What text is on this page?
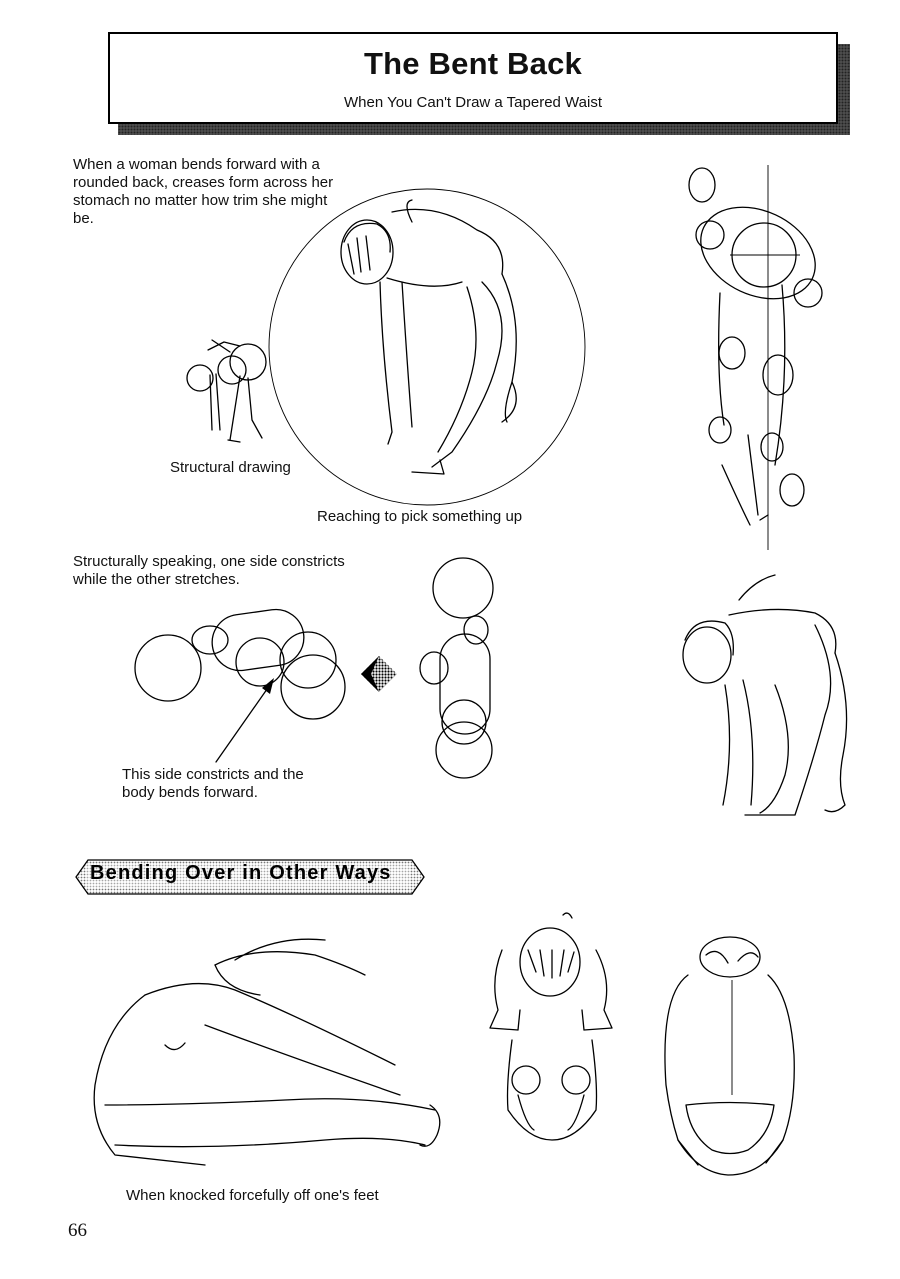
The Bent Back
When You Can't Draw a Tapered Waist
When a woman bends forward with a rounded back, creases form across her stomach no matter how trim she might be.
Structural drawing
Reaching to pick something up
Structurally speaking, one side constricts while the other stretches.
This side constricts and the body bends forward.
Bending Over in Other Ways
When knocked forcefully off one's feet
66
